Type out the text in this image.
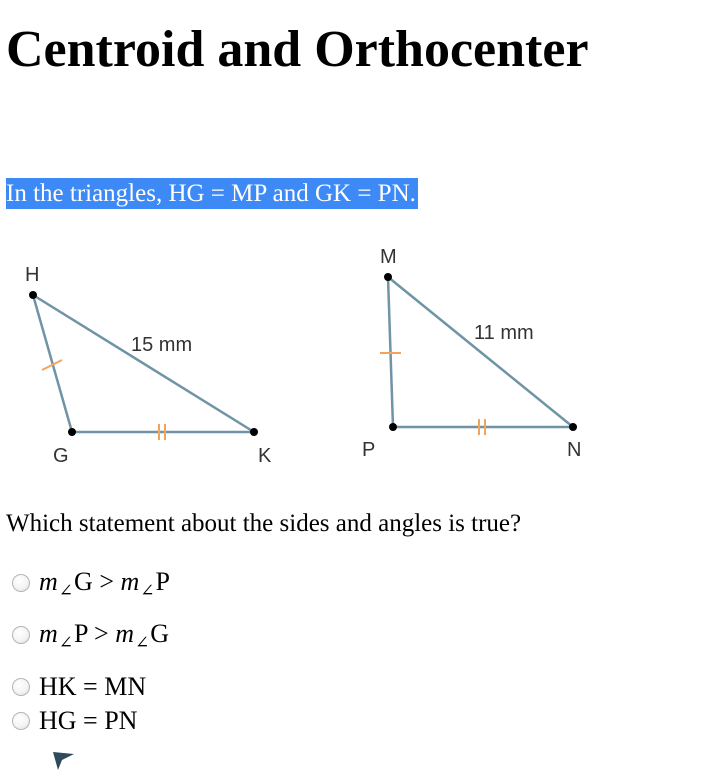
Centroid and Orthocenter
In the triangles, HG = MP and GK = PN.
H
G	K
15 mm
M
P	N
11 mm
Which statement about the sides and angles is true?
$m_\angle G > m_\angle P$
$m_\angle P > m_\angle G$
HK = MN
HG = PN
